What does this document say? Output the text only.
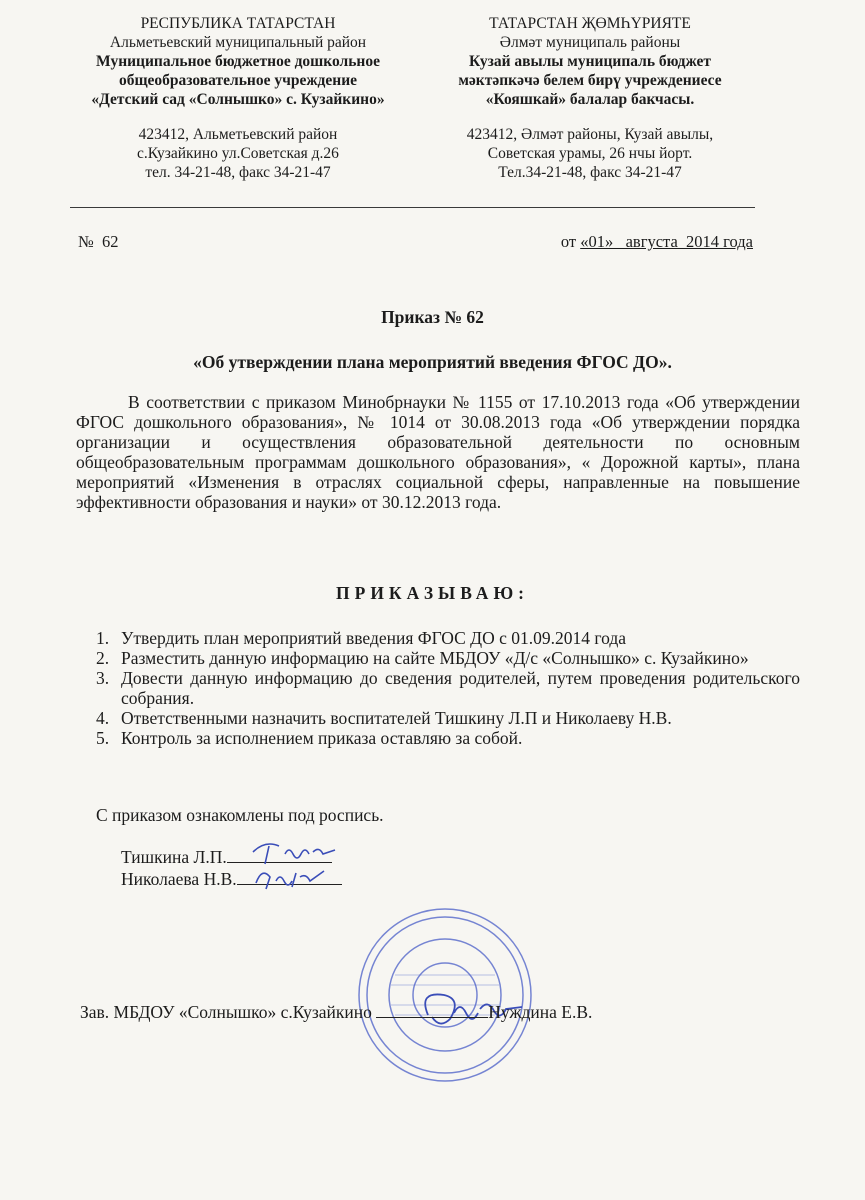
РЕСПУБЛИКА ТАТАРСТАН
Альметьевский муниципальный район
Муниципальное бюджетное дошкольное
общеобразовательное учреждение
«Детский сад «Солнышко» с. Кузайкино»
423412, Альметьевский район
с.Кузайкино ул.Советская д.26
тел. 34-21-48, факс 34-21-47
ТАТАРСТАН ҖӨМҺҮРИЯТЕ
Әлмәт муниципаль районы
Кузай авылы муниципаль бюджет
мәктәпкәчә белем бирү учреждениесе
«Кояшкай» балалар бакчасы.
423412, Әлмәт районы, Кузай авылы,
Советская урамы, 26 нчы йорт.
Тел.34-21-48, факс 34-21-47
№  62	от «01»   августа  2014 года
Приказ № 62
«Об утверждении плана мероприятий введения ФГОС ДО».

В соответствии с приказом Минобрнауки № 1155 от 17.10.2013 года «Об утверждении ФГОС дошкольного образования», № 1014 от 30.08.2013 года «Об утверждении порядка организации и осуществления образовательной деятельности по основным общеобразовательным программам дошкольного образования», « Дорожной карты», плана мероприятий «Изменения в отраслях социальной сферы, направленные на повышение эффективности образования и науки» от 30.12.2013 года.

ПРИКАЗЫВАЮ:
1. Утвердить план мероприятий введения ФГОС ДО с 01.09.2014 года
2. Разместить данную информацию на сайте МБДОУ «Д/с «Солнышко» с. Кузайкино»
3. Довести данную информацию до сведения родителей, путем проведения родительского собрания.
4. Ответственными назначить воспитателей Тишкину Л.П и Николаеву Н.В.
5. Контроль за исполнением приказа оставляю за собой.
С приказом ознакомлены под роспись.
Тишкина Л.П.
Николаева Н.В.
Зав. МБДОУ «Солнышко» с.Кузайкино	Нуждина Е.В.
